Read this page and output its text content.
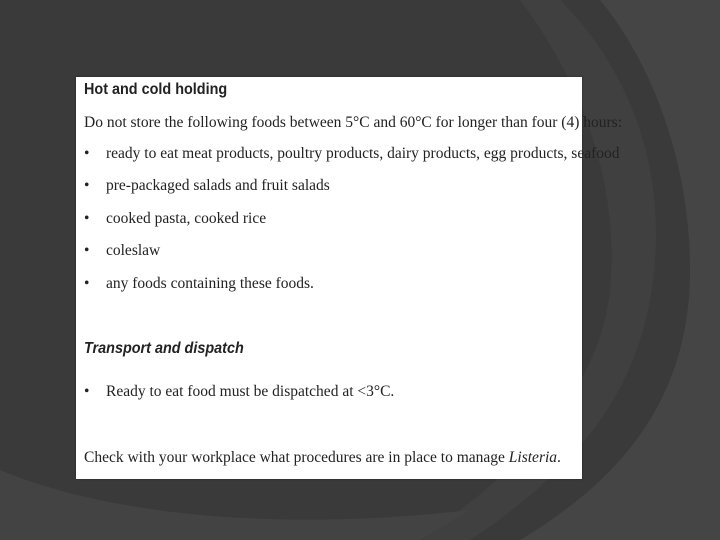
Hot and cold holding
Do not store the following foods between 5°C and 60°C for longer than four (4) hours:
• ready to eat meat products, poultry products, dairy products, egg products, seafood
• pre-packaged salads and fruit salads
• cooked pasta, cooked rice
• coleslaw
• any foods containing these foods.
Transport and dispatch
• Ready to eat food must be dispatched at <3°C.
Check with your workplace what procedures are in place to manage Listeria.
